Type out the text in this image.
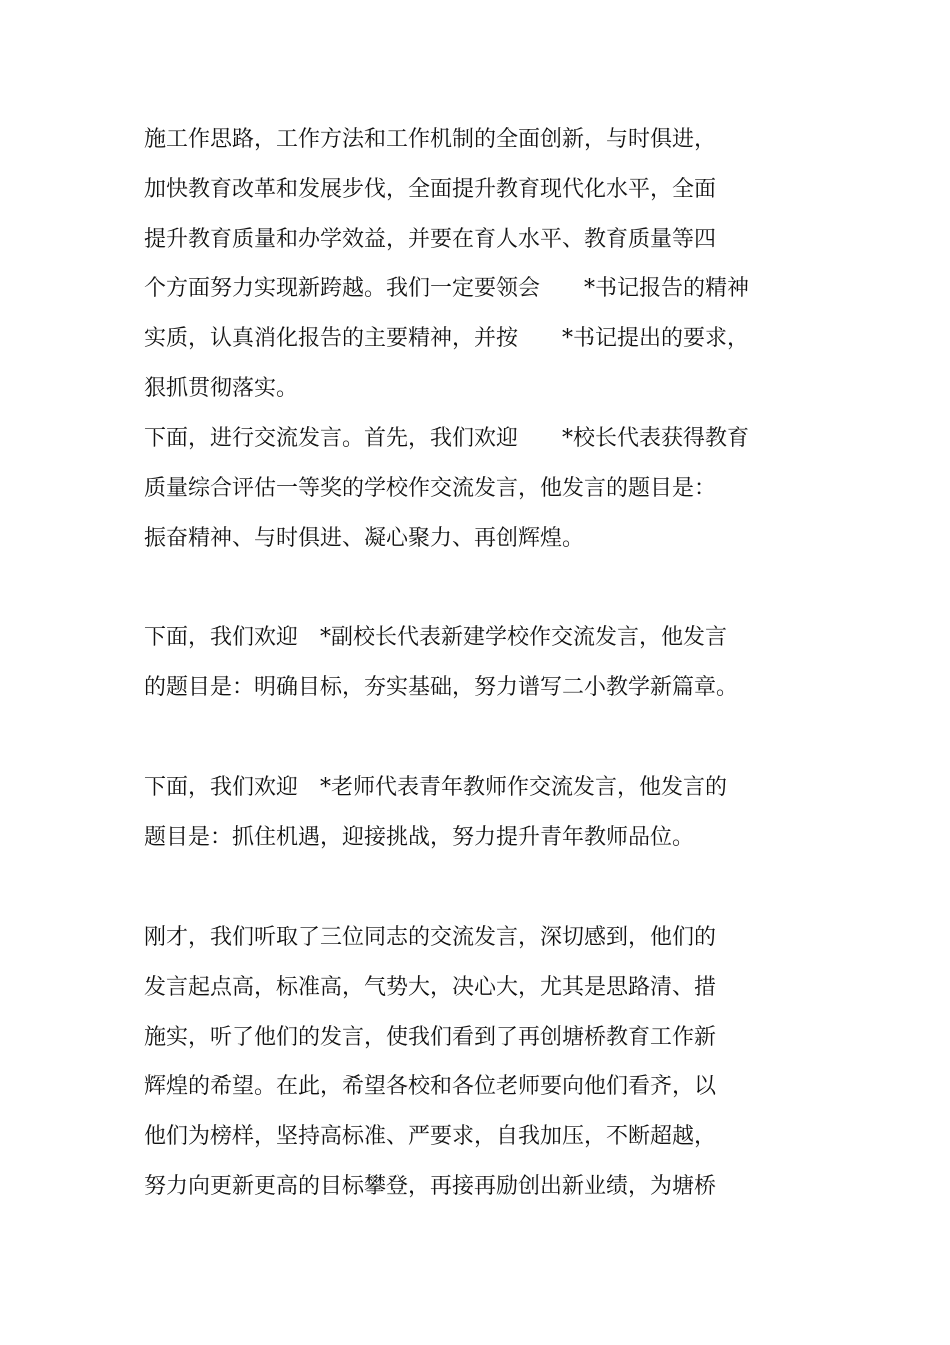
施工作思路，工作方法和工作机制的全面创新，与时俱进，
加快教育改革和发展步伐，全面提升教育现代化水平，全面
提升教育质量和办学效益，并要在育人水平、教育质量等四
个方面努力实现新跨越。我们一定要领会　　*书记报告的精神
实质，认真消化报告的主要精神，并按　　*书记提出的要求，
狠抓贯彻落实。
下面，进行交流发言。首先，我们欢迎　　*校长代表获得教育
质量综合评估一等奖的学校作交流发言，他发言的题目是：
振奋精神、与时俱进、凝心聚力、再创辉煌。
下面，我们欢迎　*副校长代表新建学校作交流发言，他发言
的题目是：明确目标，夯实基础，努力谱写二小教学新篇章。
下面，我们欢迎　*老师代表青年教师作交流发言，他发言的
题目是：抓住机遇，迎接挑战，努力提升青年教师品位。
刚才，我们听取了三位同志的交流发言，深切感到，他们的
发言起点高，标准高，气势大，决心大，尤其是思路清、措
施实，听了他们的发言，使我们看到了再创塘桥教育工作新
辉煌的希望。在此，希望各校和各位老师要向他们看齐，以
他们为榜样，坚持高标准、严要求，自我加压，不断超越，
努力向更新更高的目标攀登，再接再励创出新业绩，为塘桥
